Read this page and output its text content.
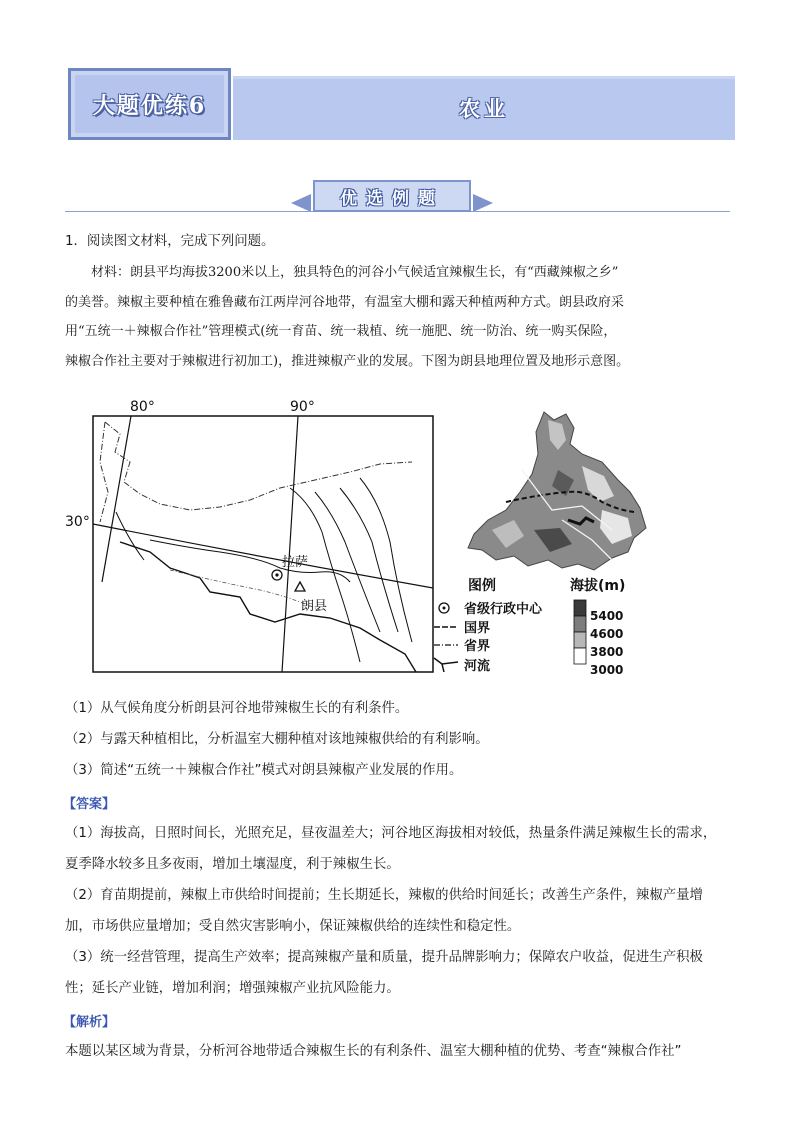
大题优练6	农业
优选例题
1．阅读图文材料，完成下列问题。
材料：朗县平均海拔3200米以上，独具特色的河谷小气候适宜辣椒生长，有“西藏辣椒之乡”
的美誉。辣椒主要种植在雅鲁藏布江两岸河谷地带，有温室大棚和露天种植两种方式。朗县政府采
用“五统一＋辣椒合作社”管理模式(统一育苗、统一栽植、统一施肥、统一防治、统一购买保险，
辣椒合作社主要对于辣椒进行初加工)，推进辣椒产业的发展。下图为朗县地理位置及地形示意图。
80°	90°
30°
拉萨
朗县
图例
省级行政中心
国界
省界
河流
海拔(m)
5400
4600
3800
3000
（1）从气候角度分析朗县河谷地带辣椒生长的有利条件。
（2）与露天种植相比，分析温室大棚种植对该地辣椒供给的有利影响。
（3）简述“五统一＋辣椒合作社”模式对朗县辣椒产业发展的作用。
【答案】
（1）海拔高，日照时间长，光照充足，昼夜温差大；河谷地区海拔相对较低，热量条件满足辣椒生长的需求，
夏季降水较多且多夜雨，增加土壤湿度，利于辣椒生长。
（2）育苗期提前，辣椒上市供给时间提前；生长期延长，辣椒的供给时间延长；改善生产条件，辣椒产量增
加，市场供应量增加；受自然灾害影响小，保证辣椒供给的连续性和稳定性。
（3）统一经营管理，提高生产效率；提高辣椒产量和质量，提升品牌影响力；保障农户收益，促进生产积极
性；延长产业链，增加利润；增强辣椒产业抗风险能力。
【解析】
本题以某区域为背景，分析河谷地带适合辣椒生长的有利条件、温室大棚种植的优势、考查“辣椒合作社”
